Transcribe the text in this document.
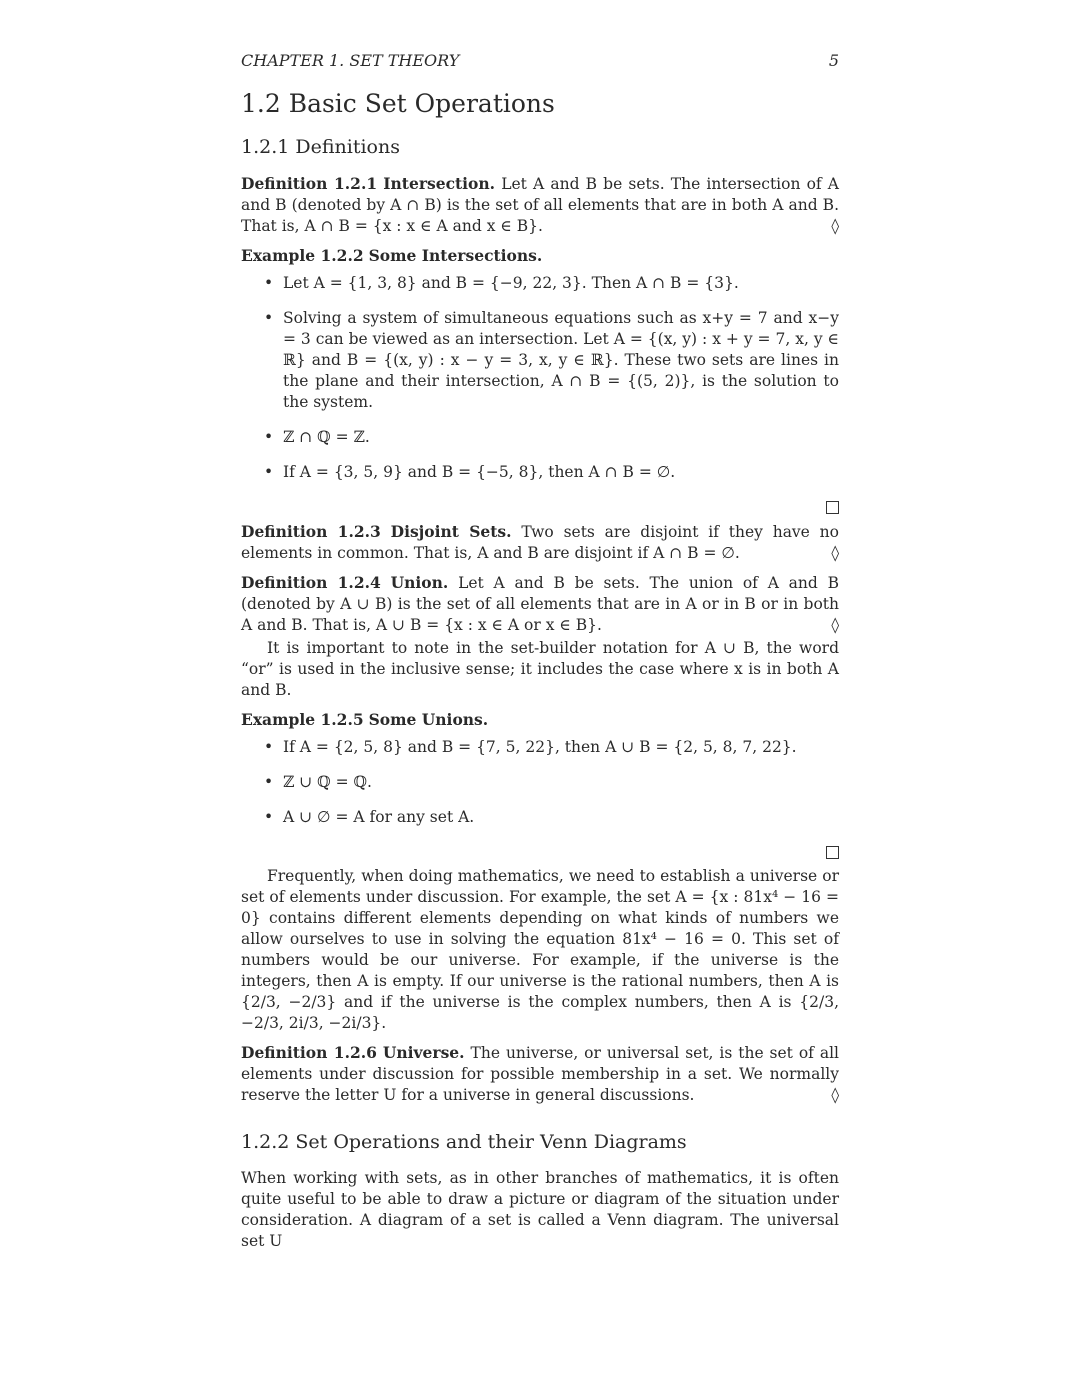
CHAPTER 1. SET THEORY	5
1.2 Basic Set Operations
1.2.1 Definitions

Definition 1.2.1 Intersection. Let A and B be sets. The intersection of A and B (denoted by A ∩ B) is the set of all elements that are in both A and B. That is, A ∩ B = {x : x ∈ A and x ∈ B}.	◊

Example 1.2.2 Some Intersections.

• Let A = {1, 3, 8} and B = {−9, 22, 3}. Then A ∩ B = {3}.
• Solving a system of simultaneous equations such as x+y = 7 and x−y = 3 can be viewed as an intersection. Let A = {(x, y) : x + y = 7, x, y ∈ ℝ} and B = {(x, y) : x − y = 3, x, y ∈ ℝ}. These two sets are lines in the plane and their intersection, A ∩ B = {(5, 2)}, is the solution to the system.
• ℤ ∩ ℚ = ℤ.
• If A = {3, 5, 9} and B = {−5, 8}, then A ∩ B = ∅.

Definition 1.2.3 Disjoint Sets. Two sets are disjoint if they have no elements in common. That is, A and B are disjoint if A ∩ B = ∅.	◊

Definition 1.2.4 Union. Let A and B be sets. The union of A and B (denoted by A ∪ B) is the set of all elements that are in A or in B or in both A and B. That is, A ∪ B = {x : x ∈ A or x ∈ B}.	◊

It is important to note in the set-builder notation for A ∪ B, the word “or” is used in the inclusive sense; it includes the case where x is in both A and B.

Example 1.2.5 Some Unions.

• If A = {2, 5, 8} and B = {7, 5, 22}, then A ∪ B = {2, 5, 8, 7, 22}.
• ℤ ∪ ℚ = ℚ.
• A ∪ ∅ = A for any set A.

Frequently, when doing mathematics, we need to establish a universe or set of elements under discussion. For example, the set A = {x : 81x⁴ − 16 = 0} contains different elements depending on what kinds of numbers we allow ourselves to use in solving the equation 81x⁴ − 16 = 0. This set of numbers would be our universe. For example, if the universe is the integers, then A is empty. If our universe is the rational numbers, then A is {2/3, −2/3} and if the universe is the complex numbers, then A is {2/3, −2/3, 2i/3, −2i/3}.

Definition 1.2.6 Universe. The universe, or universal set, is the set of all elements under discussion for possible membership in a set. We normally reserve the letter U for a universe in general discussions.	◊

1.2.2 Set Operations and their Venn Diagrams

When working with sets, as in other branches of mathematics, it is often quite useful to be able to draw a picture or diagram of the situation under consideration. A diagram of a set is called a Venn diagram. The universal set U
